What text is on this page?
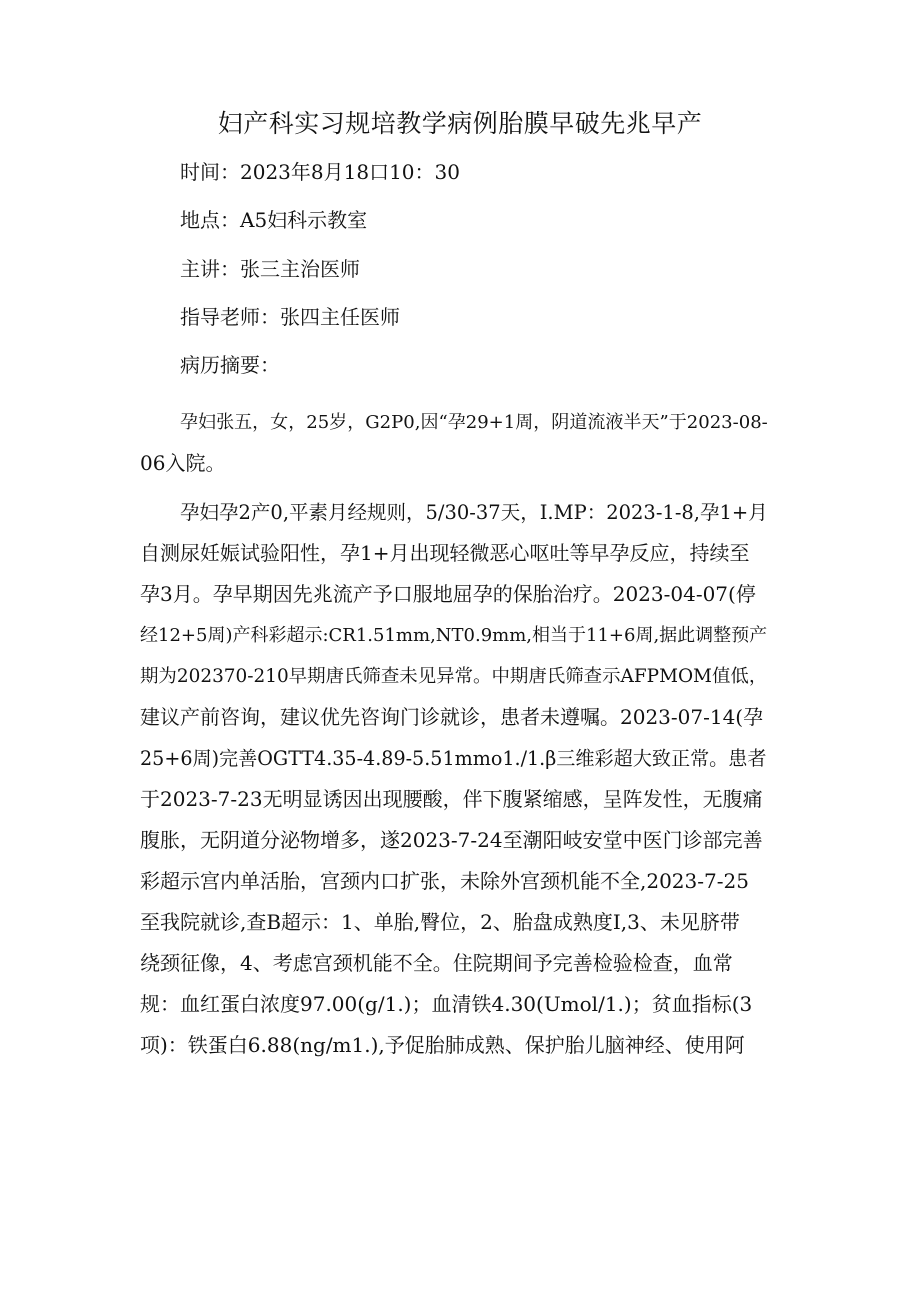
妇产科实习规培教学病例胎膜早破先兆早产

时间：2023年8月18口10：30

地点：A5妇科示教室

主讲：张三主治医师

指导老师：张四主任医师

病历摘要：

孕妇张五，女，25岁，G2P0,因“孕29+1周，阴道流液半天”于2023-08-
06入院。
孕妇孕2产0,平素月经规则，5/30-37天，I.MP：2023-1-8,孕1+月
自测尿妊娠试验阳性，孕1+月出现轻微恶心呕吐等早孕反应，持续至
孕3月。孕早期因先兆流产予口服地屈孕的保胎治疗。2023-04-07(停
经12+5周)产科彩超示:CR1.51mm,NT0.9mm,相当于11+6周,据此调整预产
期为202370-210早期唐氏筛查未见异常。中期唐氏筛查示AFPMOM值低，
建议产前咨询，建议优先咨询门诊就诊，患者未遵嘱。2023-07-14(孕
25+6周)完善OGTT4.35-4.89-5.51mmo1./1.β三维彩超大致正常。患者
于2023-7-23无明显诱因出现腰酸，伴下腹紧缩感，呈阵发性，无腹痛
腹胀，无阴道分泌物增多，遂2023-7-24至潮阳岐安堂中医门诊部完善
彩超示宫内单活胎，宫颈内口扩张，未除外宫颈机能不全,2023-7-25
至我院就诊,查B超示：1、单胎,臀位，2、胎盘成熟度I,3、未见脐带
绕颈征像，4、考虑宫颈机能不全。住院期间予完善检验检查，血常
规：血红蛋白浓度97.00(g/1.)；血清铁4.30(Umol/1.)；贫血指标(3
项)：铁蛋白6.88(ng/m1.),予促胎肺成熟、保护胎儿脑神经、使用阿
